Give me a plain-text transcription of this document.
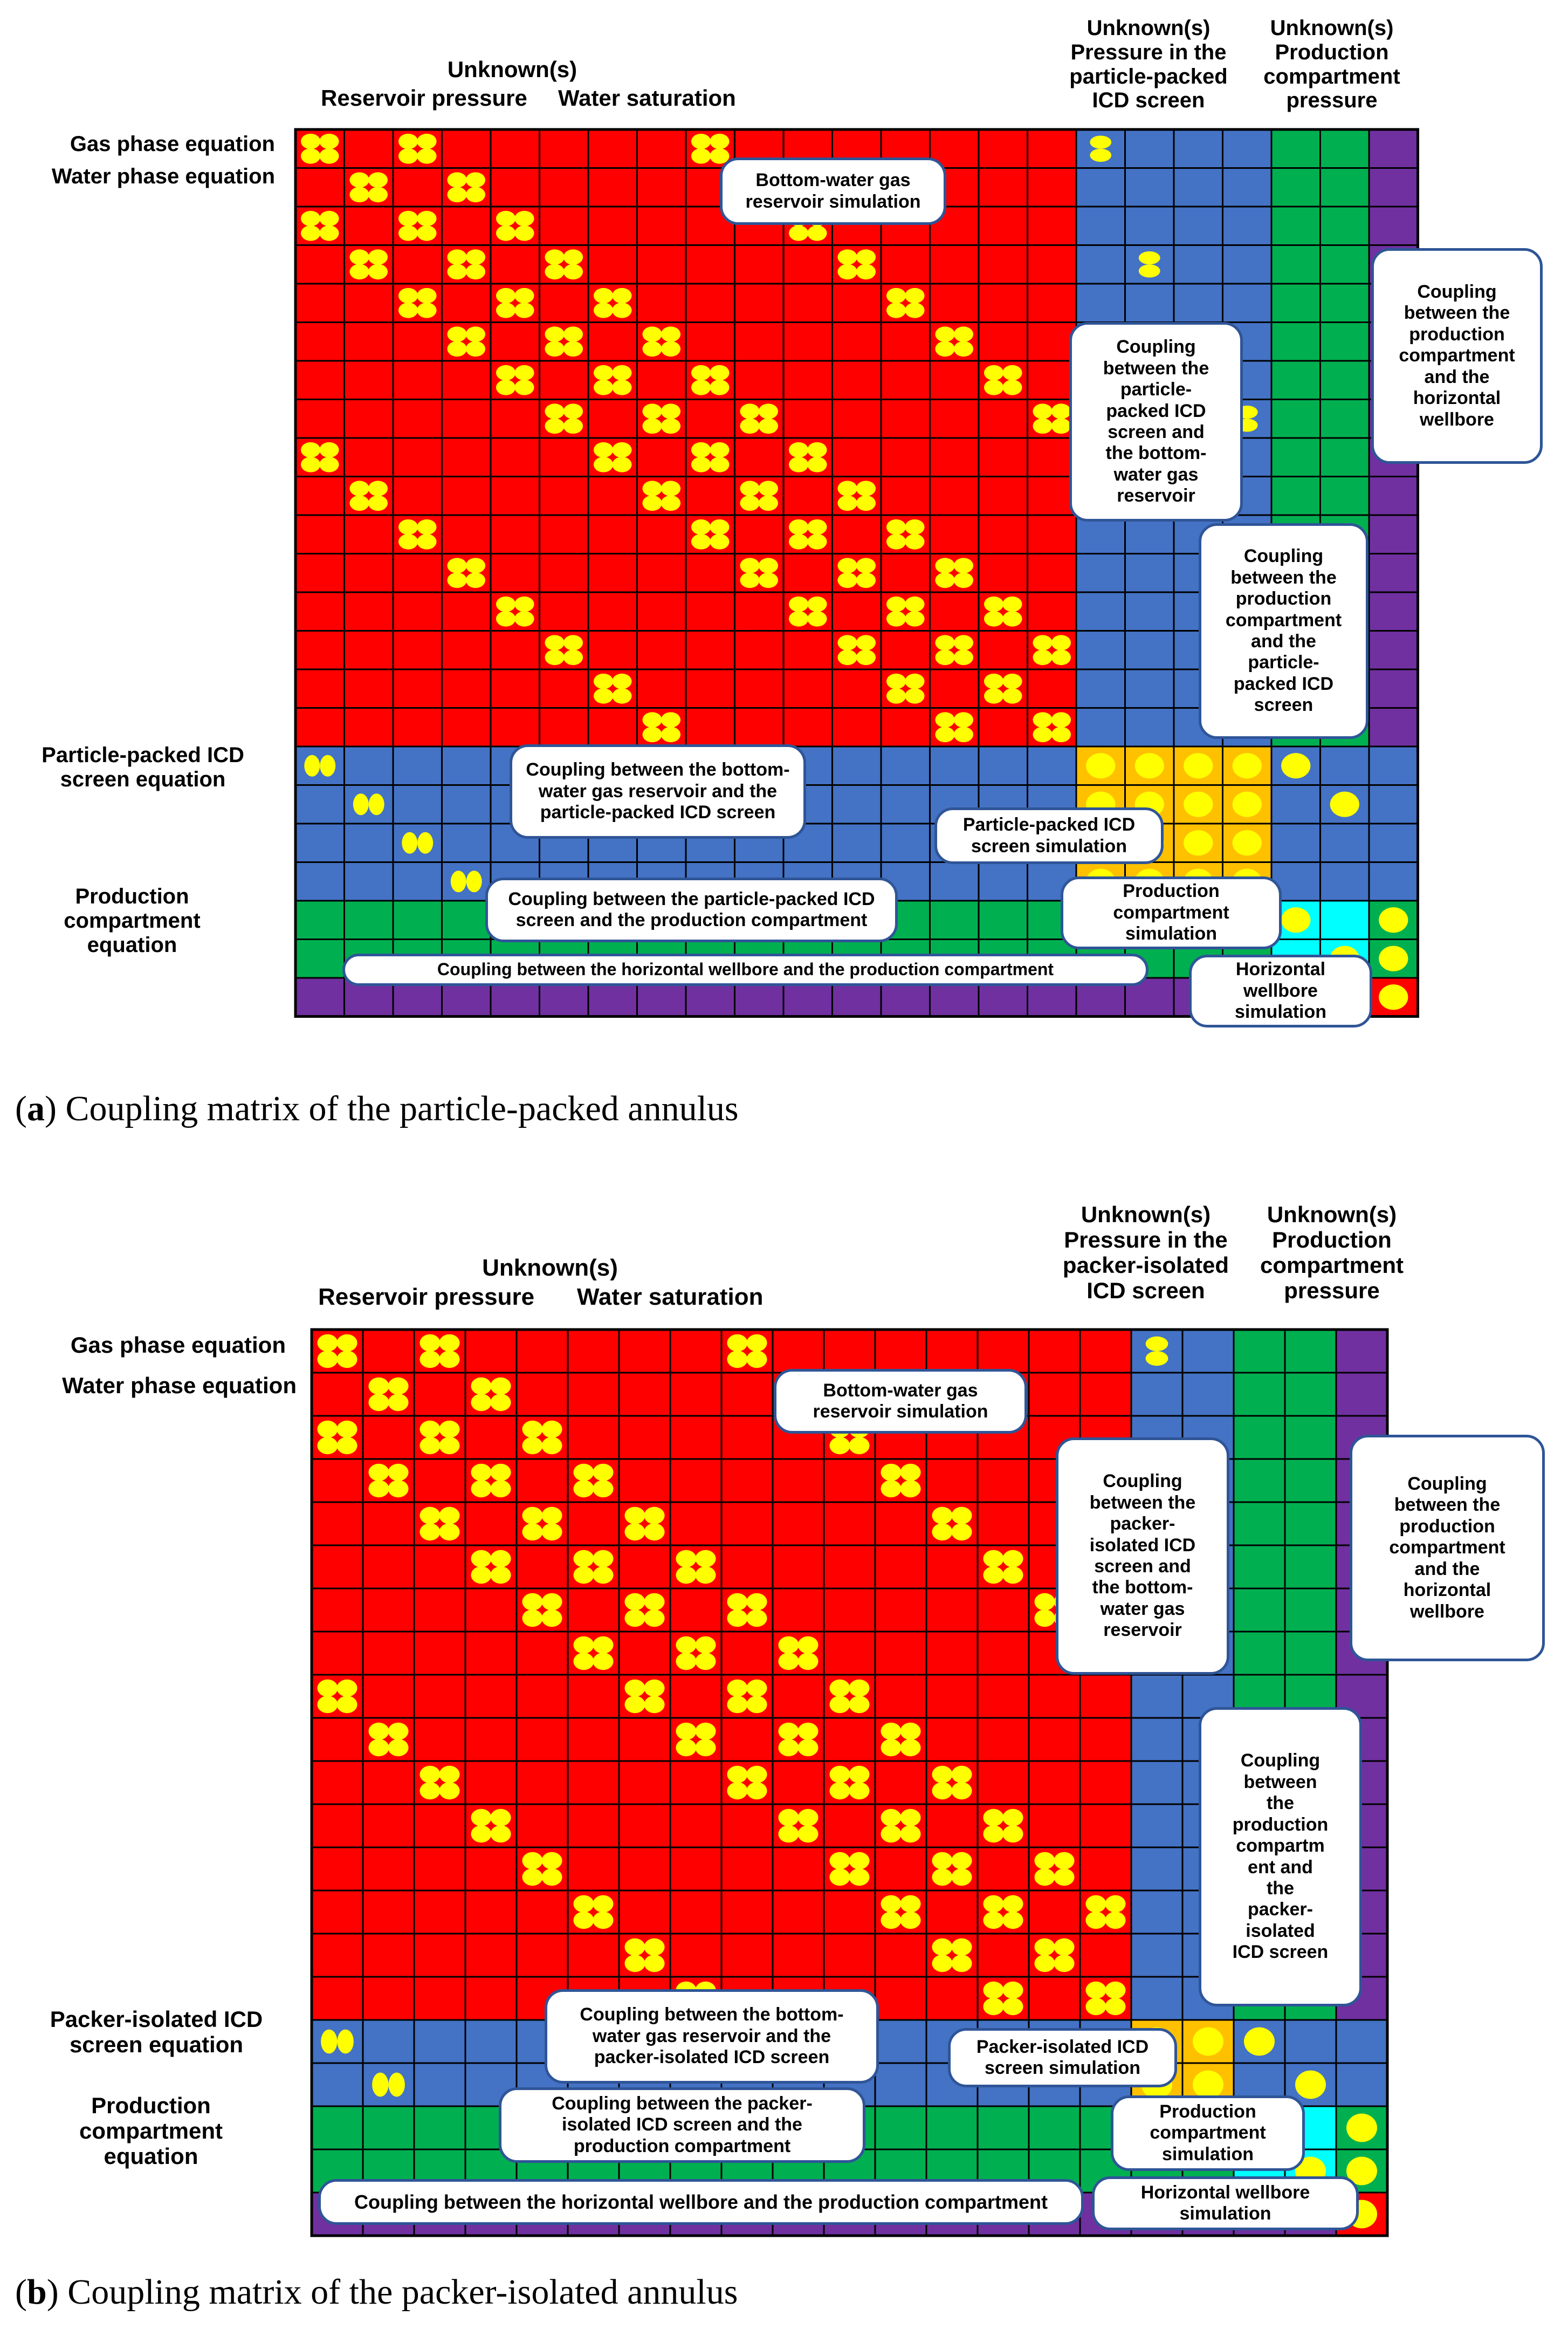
Unknown(s)
Reservoir pressure Water saturation
Unknown(s)
Pressure in the
particle-packed
ICD screen
Unknown(s)
Production
compartment
pressure
Gas phase equation
Water phase equation
Particle-packed ICD
screen equation
Production
compartment
equation
Bottom-water gas
reservoir simulation
Coupling
between the
particle-
packed ICD
screen and
the bottom-
water gas
reservoir
Coupling
between the
production
compartment
and the
horizontal
wellbore
Coupling
between the
production
compartment
and the
particle-
packed ICD
screen
Coupling between the bottom-
water gas reservoir and the
particle-packed ICD screen
Particle-packed ICD
screen simulation
Coupling between the particle-packed ICD
screen and the production compartment
Production
compartment
simulation
Coupling between the horizontal wellbore and the production compartment	Horizontal
wellbore
simulation
(a) Coupling matrix of the particle-packed annulus
Unknown(s)
Reservoir pressure Water saturation
Unknown(s)
Pressure in the
packer-isolated
ICD screen
Unknown(s)
Production
compartment
pressure
Gas phase equation
Water phase equation
Packer-isolated ICD
screen equation
Production
compartment
equation
Bottom-water gas
reservoir simulation
Coupling
between the
packer-
isolated ICD
screen and
the bottom-
water gas
reservoir
Coupling
between the
production
compartment
and the
horizontal
wellbore
Coupling
between
the
production
compartm
ent and
the
packer-
isolated
ICD screen
Coupling between the bottom-
water gas reservoir and the
packer-isolated ICD screen
Packer-isolated ICD
screen simulation
Coupling between the packer-
isolated ICD screen and the
production compartment
Production
compartment
simulation
Coupling between the horizontal wellbore and the production compartment	Horizontal wellbore
simulation
(b) Coupling matrix of the packer-isolated annulus
